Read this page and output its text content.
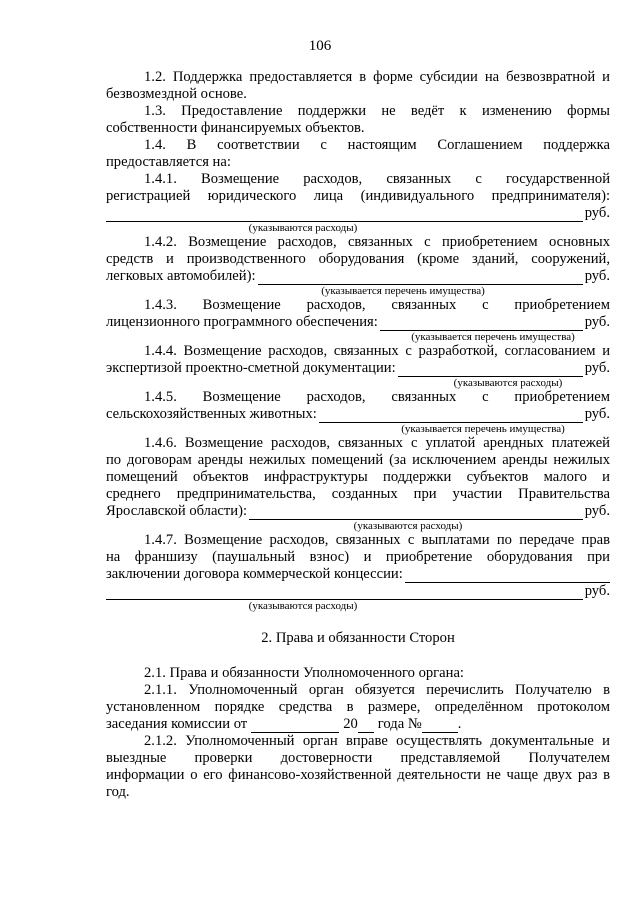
106

1.2. Поддержка предоставляется в форме субсидии на безвозвратной и
безвозмездной основе.

1.3. Предоставление поддержки не ведёт к изменению формы
собственности финансируемых объектов.

1.4. В соответствии с настоящим Соглашением поддержка
предоставляется на:

1.4.1. Возмещение расходов, связанных с государственной
регистрацией юридического лица (индивидуального предпринимателя):

руб.
(указываются расходы)

1.4.2. Возмещение расходов, связанных с приобретением основных
средств и производственного оборудования (кроме зданий, сооружений,

легковых автомобилей):	руб.
(указывается перечень имущества)

1.4.3. Возмещение расходов, связанных с приобретением

лицензионного программного обеспечения:	руб.
(указывается перечень имущества)

1.4.4. Возмещение расходов, связанных с разработкой, согласованием и

экспертизой проектно-сметной документации:	руб.
(указываются расходы)

1.4.5. Возмещение расходов, связанных с приобретением

сельскохозяйственных животных:	руб.
(указывается перечень имущества)

1.4.6. Возмещение расходов, связанных с уплатой арендных платежей
по договорам аренды нежилых помещений (за исключением аренды нежилых
помещений объектов инфраструктуры поддержки субъектов малого и
среднего предпринимательства, созданных при участии Правительства

Ярославской области):	руб.
(указываются расходы)

1.4.7. Возмещение расходов, связанных с выплатами по передаче прав
на франшизу (паушальный взнос) и приобретение оборудования при

заключении договора коммерческой концессии:
руб.
(указываются расходы)
2. Права и обязанности Сторон

2.1. Права и обязанности Уполномоченного органа:

2.1.1. Уполномоченный орган обязуется перечислить Получателю в
установленном порядке средства в размере, определённом протоколом

заседания комиссии от	20 года № .

2.1.2. Уполномоченный орган вправе осуществлять документальные и
выездные проверки достоверности представляемой Получателем
информации о его финансово-хозяйственной деятельности не чаще двух раз в
год.
